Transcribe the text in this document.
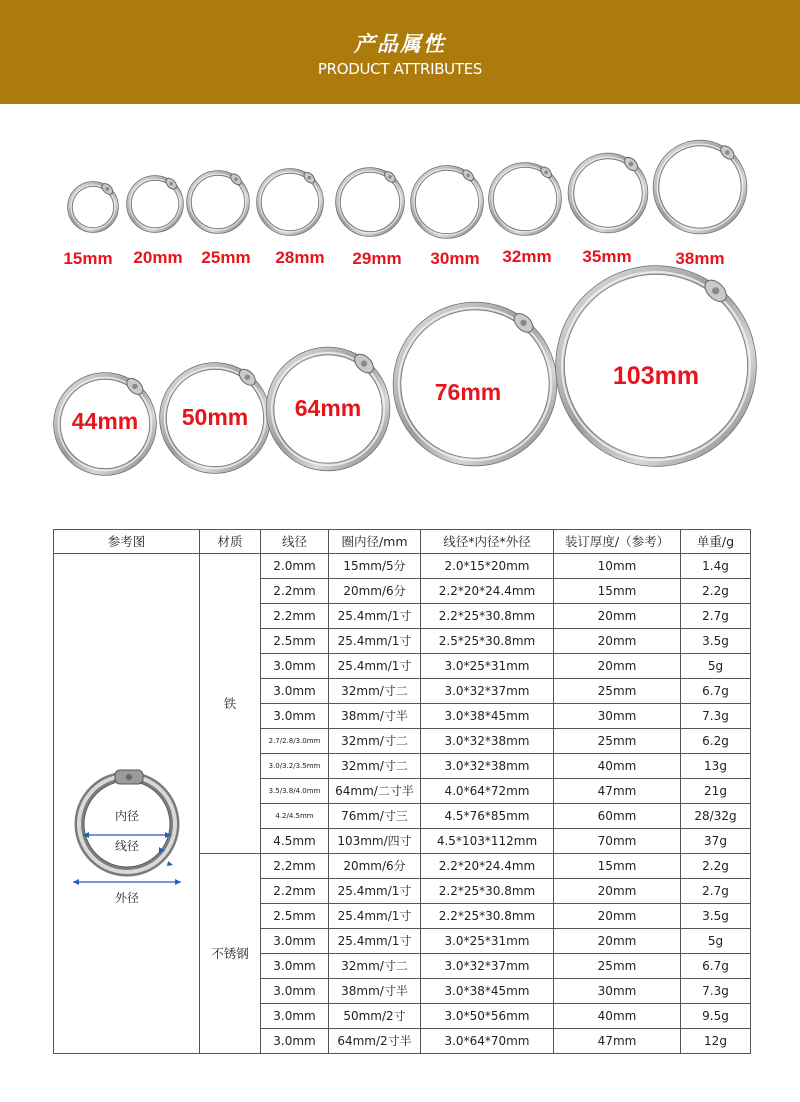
产品属性
PRODUCT ATTRIBUTES
15mm 20mm 25mm 28mm 29mm 30mm 32mm 35mm	38mm
44mm 50mm 64mm
76mm
103mm
参考图	材质	线径	圈内径/mm	线径*内径*外径	装订厚度/（参考）	单重/g

内径
线径
外径	铁	2.0mm	15mm/5分	2.0*15*20mm	10mm	1.4g
		2.2mm	20mm/6分	2.2*20*24.4mm	15mm	2.2g
		2.2mm	25.4mm/1寸	2.2*25*30.8mm	20mm	2.7g
		2.5mm	25.4mm/1寸	2.5*25*30.8mm	20mm	3.5g
		3.0mm	25.4mm/1寸	3.0*25*31mm	20mm	5g
		3.0mm	32mm/寸二	3.0*32*37mm	25mm	6.7g
		3.0mm	38mm/寸半	3.0*38*45mm	30mm	7.3g
		2.7/2.8/3.0mm	32mm/寸二	3.0*32*38mm	25mm	6.2g
		3.0/3.2/3.5mm	32mm/寸二	3.0*32*38mm	40mm	13g
		3.5/3.8/4.0mm	64mm/二寸半	4.0*64*72mm	47mm	21g
		4.2/4.5mm	76mm/寸三	4.5*76*85mm	60mm	28/32g
		4.5mm	103mm/四寸	4.5*103*112mm	70mm	37g
	不锈钢	2.2mm	20mm/6分	2.2*20*24.4mm	15mm	2.2g
		2.2mm	25.4mm/1寸	2.2*25*30.8mm	20mm	2.7g
		2.5mm	25.4mm/1寸	2.2*25*30.8mm	20mm	3.5g
		3.0mm	25.4mm/1寸	3.0*25*31mm	20mm	5g
		3.0mm	32mm/寸二	3.0*32*37mm	25mm	6.7g
		3.0mm	38mm/寸半	3.0*38*45mm	30mm	7.3g
		3.0mm	50mm/2寸	3.0*50*56mm	40mm	9.5g
		3.0mm	64mm/2寸半	3.0*64*70mm	47mm	12g
